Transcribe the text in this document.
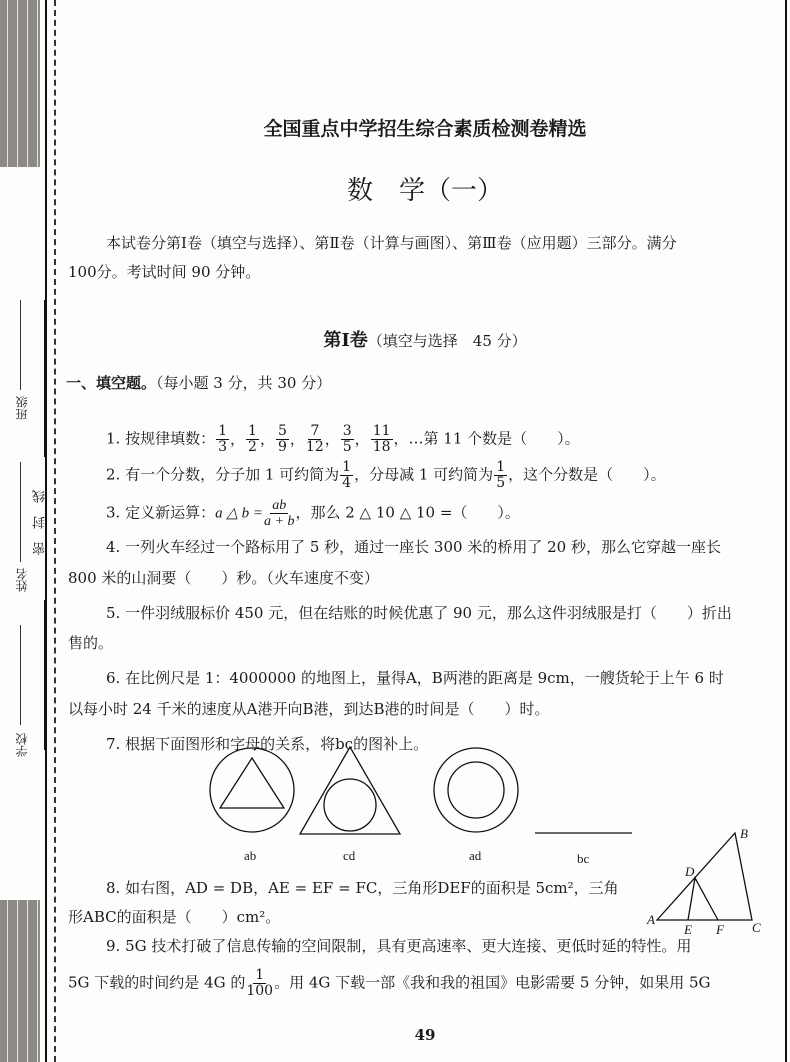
班级
姓名
学校
密　封　线
全国重点中学招生综合素质检测卷精选
数　学（一）
本试卷分第Ⅰ卷（填空与选择）、第Ⅱ卷（计算与画图）、第Ⅲ卷（应用题）三部分。满分
100分。考试时间 90 分钟。
第Ⅰ卷（填空与选择　45 分）
一、填空题。（每小题 3 分，共 30 分）
1. 按规律填数： $\frac{1}{3}$ ， $\frac{1}{2}$ ， $\frac{5}{9}$ ， $\frac{7}{12}$ ， $\frac{3}{5}$ ， $\frac{11}{18}$ ，…第 11 个数是（　　）。
2. 有一个分数，分子加 1 可约简为 $\frac{1}{4}$ ，分母减 1 可约简为 $\frac{1}{5}$ ，这个分数是（　　）。
3. 定义新运算：a △ $b = \frac{ab}{a + b}$ ，那么 2 △ 10 △ 10 =（　　）。
4. 一列火车经过一个路标用了 5 秒，通过一座长 300 米的桥用了 20 秒，那么它穿越一座长
800 米的山洞要（　　）秒。（火车速度不变）
5. 一件羽绒服标价 450 元，但在结账的时候优惠了 90 元，那么这件羽绒服是打（　　）折出
售的。
6. 在比例尺是 1：4000000 的地图上，量得A，B两港的距离是 9cm，一艘货轮于上午 6 时
以每小时 24 千米的速度从A港开向B港，到达B港的时间是（　　）时。
7. 根据下面图形和字母的关系，将bc的图补上。
ab	cd	ad	bc
A
B
C
D
E F
8. 如右图，AD = DB，AE = EF = FC，三角形DEF的面积是 5cm²，三角
形ABC的面积是（　　）cm²。
9. 5G 技术打破了信息传输的空间限制，具有更高速率、更大连接、更低时延的特性。用
5G 下载的时间约是 4G 的 $\frac{1}{100}$ 。用 4G 下载一部《我和我的祖国》电影需要 5 分钟，如果用 5G
49
